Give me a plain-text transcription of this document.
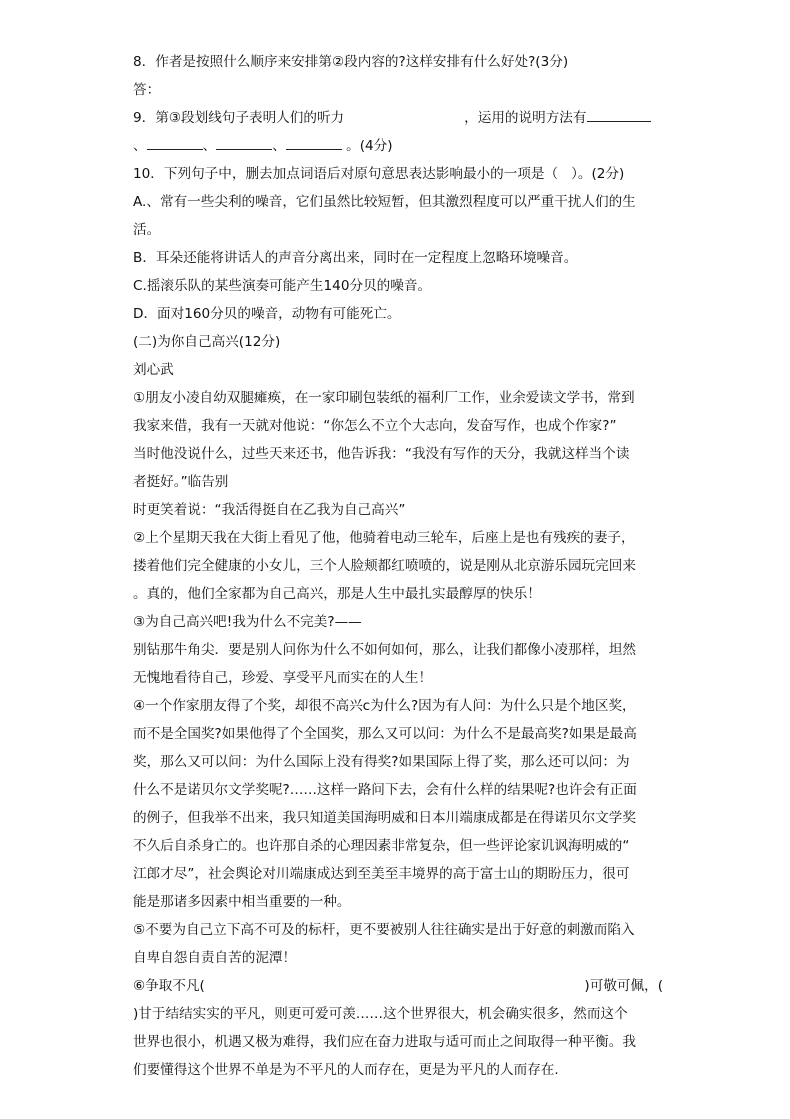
8．作者是按照什么顺序来安排第②段内容的?这样安排有什么好处?(3分)
答：
9．第③段划线句子表明人们的听力	，运用的说明方法有
、	、	、	。(4分)
10．下列句子中，删去加点词语后对原句意思表达影响最小的一项是（   ）。(2分)
A.、常有一些尖利的噪音，它们虽然比较短暂，但其激烈程度可以严重干扰人们的生
活。
B．耳朵还能将讲话人的声音分离出来，同时在一定程度上忽略环境噪音。
C.摇滚乐队的某些演奏可能产生140分贝的噪音。
D．面对160分贝的噪音，动物有可能死亡。
(二)为你自己高兴(12分)
刘心武
①朋友小凌自幼双腿瘫痪，在一家印刷包装纸的福利厂工作，业余爱读文学书，常到
我家来借，我有一天就对他说：“你怎么不立个大志向，发奋写作，也成个作家?”
当时他没说什么，过些天来还书，他告诉我：“我没有写作的天分，我就这样当个读
者挺好。”临告别
时更笑着说：“我活得挺自在乙我为自己高兴”
②上个星期天我在大街上看见了他，他骑着电动三轮车，后座上是也有残疾的妻子，
搂着他们完全健康的小女儿，三个人脸颊都红喷喷的，说是刚从北京游乐园玩完回来
。真的，他们全家都为自己高兴，那是人生中最扎实最醇厚的快乐！
③为自己高兴吧!我为什么不完美?——
别钻那牛角尖．要是别人问你为什么不如何如何，那么，让我们都像小凌那样，坦然
无愧地看待自己，珍爱、享受平凡而实在的人生！
④一个作家朋友得了个奖，却很不高兴c为什么?因为有人问：为什么只是个地区奖，
而不是全国奖?如果他得了个全国奖，那么又可以问：为什么不是最高奖?如果是最高
奖，那么又可以问：为什么国际上没有得奖?如果国际上得了奖，那么还可以问：为
什么不是诺贝尔文学奖呢?……这样一路问下去，会有什么样的结果呢?也许会有正面
的例子，但我举不出来，我只知道美国海明威和日本川端康成都是在得诺贝尔文学奖
不久后自杀身亡的。也许那自杀的心理因素非常复杂，但一些评论家讥讽海明威的“
江郎才尽”，社会舆论对川端康成达到至美至丰境界的高于富士山的期盼压力，很可
能是那诸多因素中相当重要的一种。
⑤不要为自己立下高不可及的标杆，更不要被别人往往确实是出于好意的刺激而陷入
自卑自怨自责自苦的泥潭！
⑥争取不凡(	)可敬可佩，(
)甘于结结实实的平凡，则更可爱可羡……这个世界很大，机会确实很多，然而这个
世界也很小，机遇又极为难得，我们应在奋力进取与适可而止之间取得一种平衡。我
们要懂得这个世界不单是为不平凡的人而存在，更是为平凡的人而存在.
